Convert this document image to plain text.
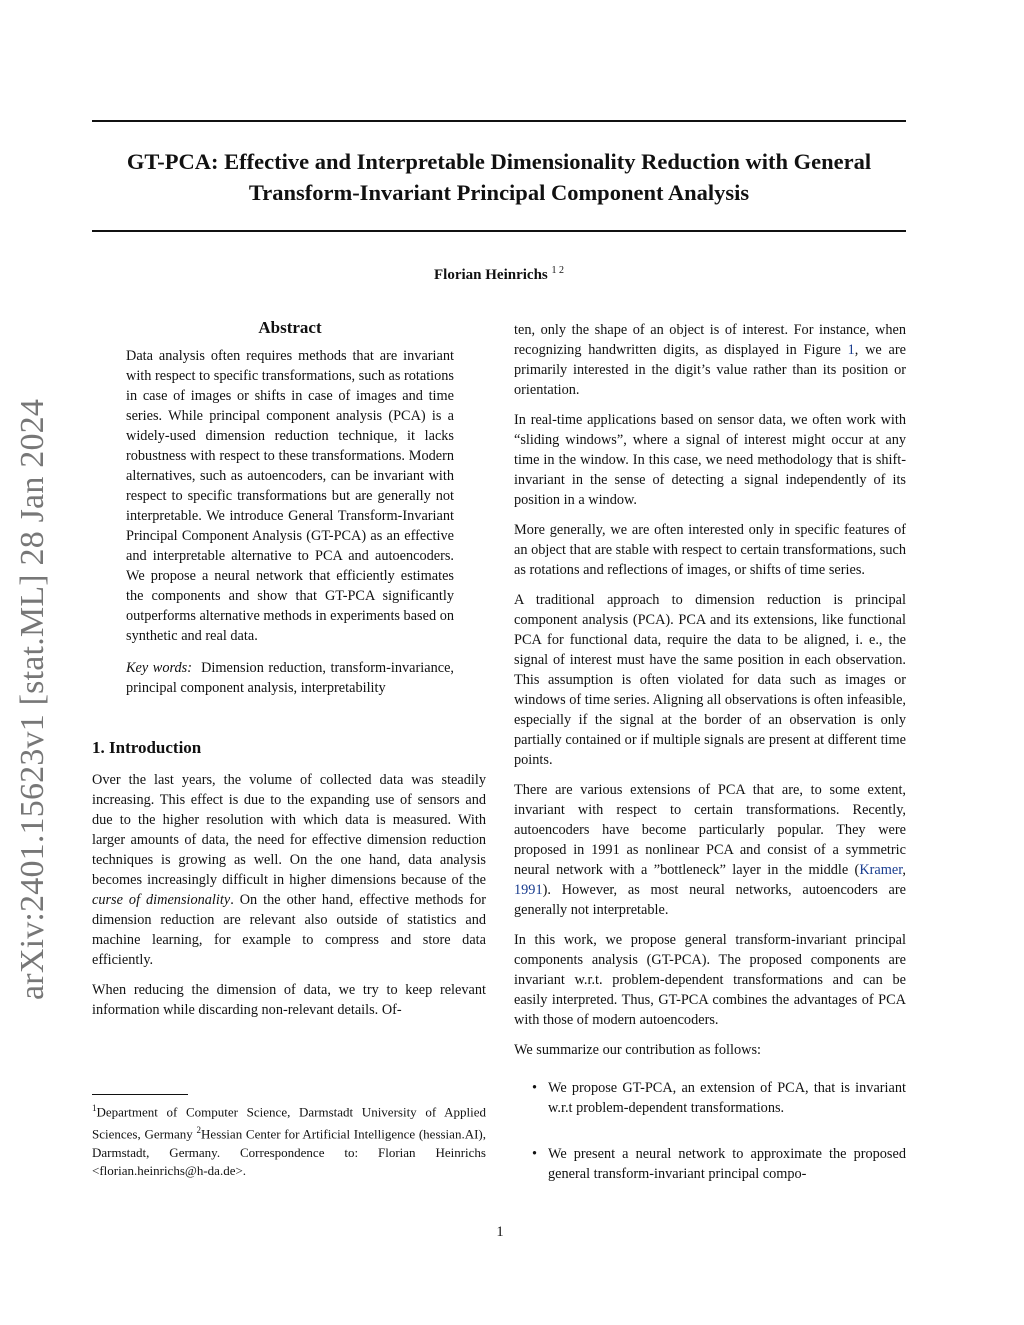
GT-PCA: Effective and Interpretable Dimensionality Reduction with General Transform-Invariant Principal Component Analysis
Florian Heinrichs $^{1 2}$
arXiv:2401.15623v1 [stat.ML] 28 Jan 2024
Abstract

Data analysis often requires methods that are invariant with respect to specific transformations, such as rotations in case of images or shifts in case of images and time series. While principal component analysis (PCA) is a widely-used dimension reduction technique, it lacks robustness with respect to these transformations. Modern alternatives, such as autoencoders, can be invariant with respect to specific transformations but are generally not interpretable. We introduce General Transform-Invariant Principal Component Analysis (GT-PCA) as an effective and interpretable alternative to PCA and autoencoders. We propose a neural network that efficiently estimates the components and show that GT-PCA significantly outperforms alternative methods in experiments based on synthetic and real data.

Key words: Dimension reduction, transform-invariance, principal component analysis, interpretability

1. Introduction

Over the last years, the volume of collected data was steadily increasing. This effect is due to the expanding use of sensors and due to the higher resolution with which data is measured. With larger amounts of data, the need for effective dimension reduction techniques is growing as well. On the one hand, data analysis becomes increasingly difficult in higher dimensions because of the curse of dimensionality. On the other hand, effective methods for dimension reduction are relevant also outside of statistics and machine learning, for example to compress and store data efficiently.

When reducing the dimension of data, we try to keep relevant information while discarding non-relevant details. Of-

$^1$Department of Computer Science, Darmstadt University of Applied Sciences, Germany $^2$Hessian Center for Artificial Intelligence (hessian.AI), Darmstadt, Germany. Correspondence to: Florian Heinrichs <florian.heinrichs@h-da.de>.

ten, only the shape of an object is of interest. For instance, when recognizing handwritten digits, as displayed in Figure 1, we are primarily interested in the digit’s value rather than its position or orientation.

In real-time applications based on sensor data, we often work with “sliding windows”, where a signal of interest might occur at any time in the window. In this case, we need methodology that is shift-invariant in the sense of detecting a signal independently of its position in a window.

More generally, we are often interested only in specific features of an object that are stable with respect to certain transformations, such as rotations and reflections of images, or shifts of time series.

A traditional approach to dimension reduction is principal component analysis (PCA). PCA and its extensions, like functional PCA for functional data, require the data to be aligned, i. e., the signal of interest must have the same position in each observation. This assumption is often violated for data such as images or windows of time series. Aligning all observations is often infeasible, especially if the signal at the border of an observation is only partially contained or if multiple signals are present at different time points.

There are various extensions of PCA that are, to some extent, invariant with respect to certain transformations. Recently, autoencoders have become particularly popular. They were proposed in 1991 as nonlinear PCA and consist of a symmetric neural network with a ”bottleneck” layer in the middle (Kramer, 1991). However, as most neural networks, autoencoders are generally not interpretable.

In this work, we propose general transform-invariant principal components analysis (GT-PCA). The proposed components are invariant w.r.t. problem-dependent transformations and can be easily interpreted. Thus, GT-PCA combines the advantages of PCA with those of modern autoencoders.

We summarize our contribution as follows:

• We propose GT-PCA, an extension of PCA, that is invariant w.r.t problem-dependent transformations.
• We present a neural network to approximate the proposed general transform-invariant principal compo-
1
